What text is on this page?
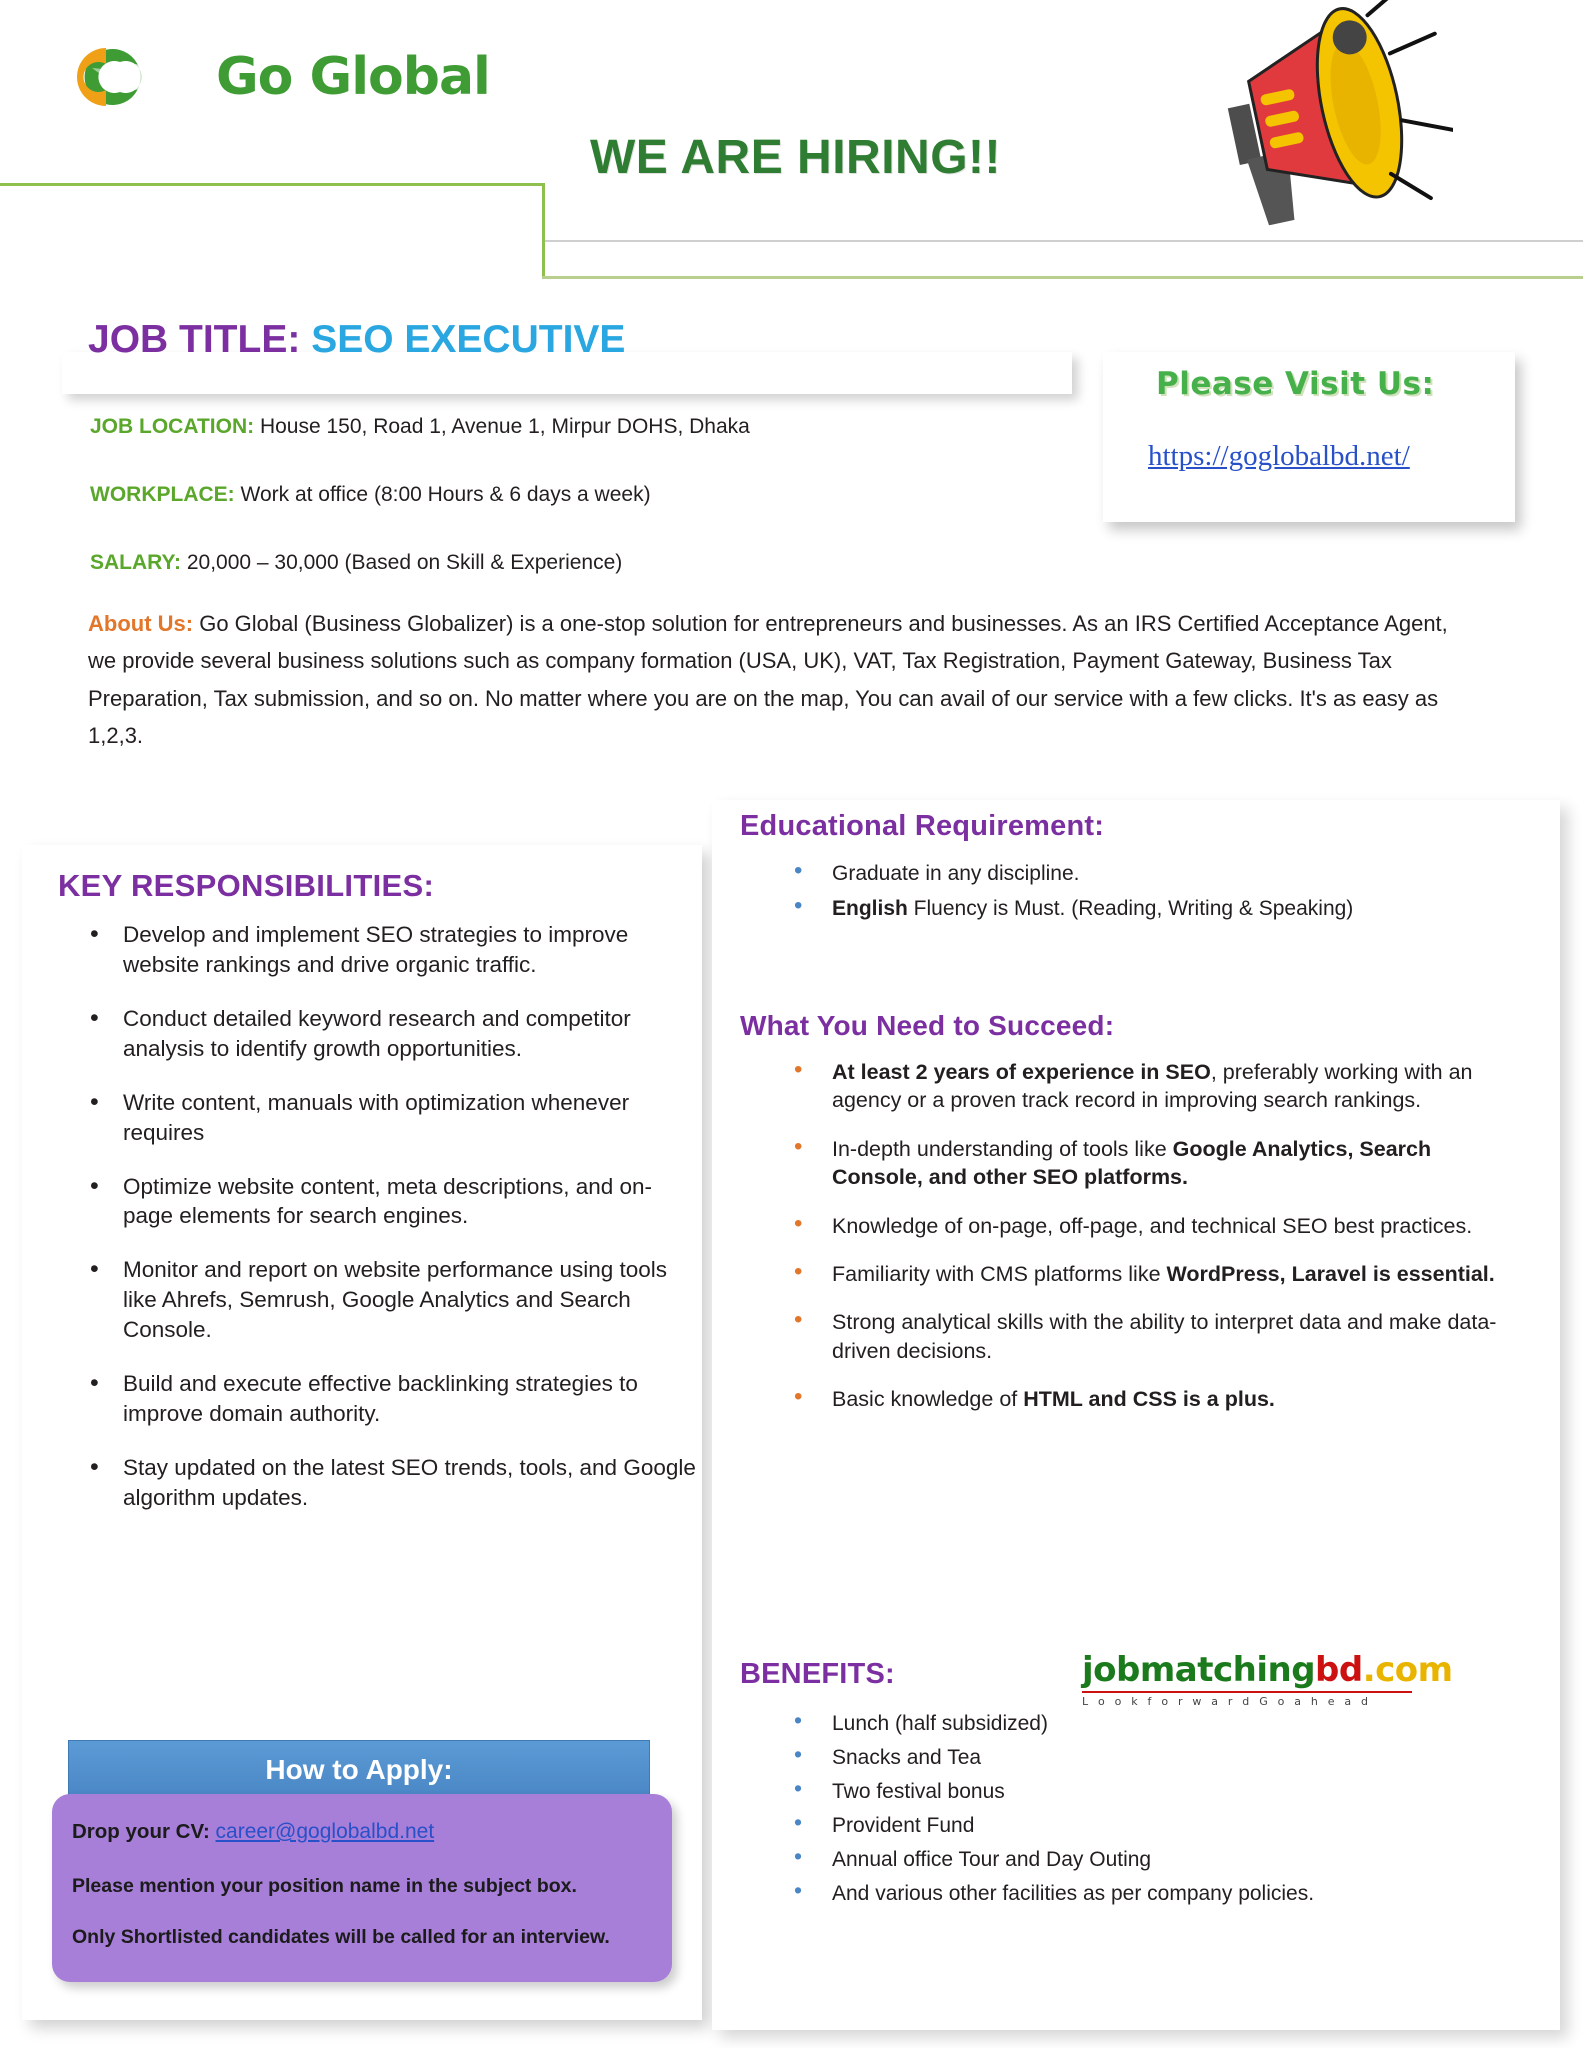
Go Global
WE ARE HIRING!!
JOB TITLE: SEO EXECUTIVE
JOB LOCATION: House 150, Road 1, Avenue 1, Mirpur DOHS, Dhaka
WORKPLACE: Work at office (8:00 Hours & 6 days a week)
SALARY: 20,000 – 30,000 (Based on Skill & Experience)
About Us: Go Global (Business Globalizer) is a one-stop solution for entrepreneurs and businesses. As an IRS Certified Acceptance Agent, we provide several business solutions such as company formation (USA, UK), VAT, Tax Registration, Payment Gateway, Business Tax Preparation, Tax submission, and so on. No matter where you are on the map, You can avail of our service with a few clicks. It's as easy as 1,2,3.
Please Visit Us:
https://goglobalbd.net/
KEY RESPONSIBILITIES:
• Develop and implement SEO strategies to improve website rankings and drive organic traffic.
• Conduct detailed keyword research and competitor analysis to identify growth opportunities.
• Write content, manuals with optimization whenever requires
• Optimize website content, meta descriptions, and on-page elements for search engines.
• Monitor and report on website performance using tools like Ahrefs, Semrush, Google Analytics and Search Console.
• Build and execute effective backlinking strategies to improve domain authority.
• Stay updated on the latest SEO trends, tools, and Google algorithm updates.
How to Apply:
Drop your CV: career@goglobalbd.net
Please mention your position name in the subject box.
Only Shortlisted candidates will be called for an interview.
Educational Requirement:
• Graduate in any discipline.
• English Fluency is Must. (Reading, Writing & Speaking)
What You Need to Succeed:
• At least 2 years of experience in SEO, preferably working with an agency or a proven track record in improving search rankings.
• In-depth understanding of tools like Google Analytics, Search Console, and other SEO platforms.
• Knowledge of on-page, off-page, and technical SEO best practices.
• Familiarity with CMS platforms like WordPress, Laravel is essential.
• Strong analytical skills with the ability to interpret data and make data-driven decisions.
• Basic knowledge of HTML and CSS is a plus.
BENEFITS:
• Lunch (half subsidized)
• Snacks and Tea
• Two festival bonus
• Provident Fund
• Annual office Tour and Day Outing
• And various other facilities as per company policies.
jobmatchingbd.com
L o o k f o r w a r d G o a h e a d
